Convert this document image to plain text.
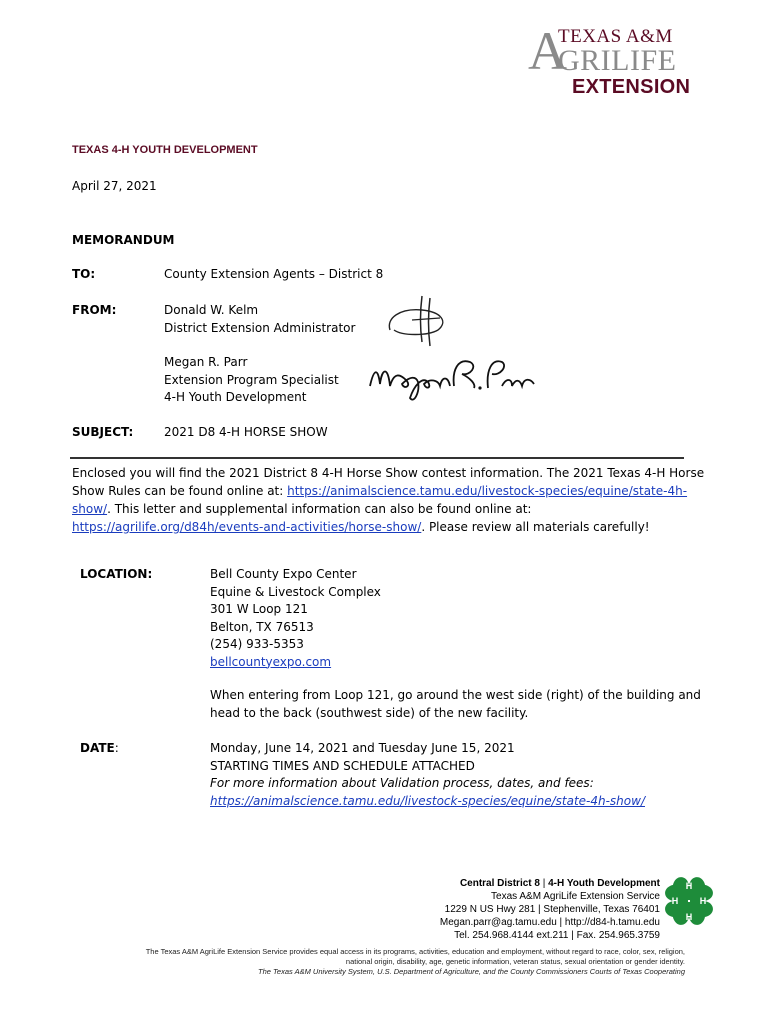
A
TEXAS A&M
GRILIFE
EXTENSION
TEXAS 4-H YOUTH DEVELOPMENT
April 27, 2021
MEMORANDUM
TO:	County Extension Agents – District 8
FROM:	Donald W. Kelm
District Extension Administrator
Megan R. Parr
Extension Program Specialist
4-H Youth Development
SUBJECT:	2021 D8 4-H HORSE SHOW
Enclosed you will find the 2021 District 8 4-H Horse Show contest information. The 2021 Texas 4-H Horse Show Rules can be found online at: https://animalscience.tamu.edu/livestock-species/equine/state-4h-show/. This letter and supplemental information can also be found online at: https://agrilife.org/d84h/events-and-activities/horse-show/. Please review all materials carefully!
LOCATION:	Bell County Expo Center
Equine & Livestock Complex
301 W Loop 121
Belton, TX 76513
(254) 933-5353
bellcountyexpo.com
When entering from Loop 121, go around the west side (right) of the building and head to the back (southwest side) of the new facility.
DATE:	Monday, June 14, 2021 and Tuesday June 15, 2021
STARTING TIMES AND SCHEDULE ATTACHED
For more information about Validation process, dates, and fees:
https://animalscience.tamu.edu/livestock-species/equine/state-4h-show/
Central District 8 | 4-H Youth Development
Texas A&M AgriLife Extension Service
1229 N US Hwy 281 | Stephenville, Texas 76401
Megan.parr@ag.tamu.edu | http://d84-h.tamu.edu
Tel. 254.968.4144 ext.211 | Fax. 254.965.3759
H
H
H
H
The Texas A&M AgriLife Extension Service provides equal access in its programs, activities, education and employment, without regard to race, color, sex, religion,
national origin, disability, age, genetic information, veteran status, sexual orientation or gender identity.
The Texas A&M University System, U.S. Department of Agriculture, and the County Commissioners Courts of Texas Cooperating
